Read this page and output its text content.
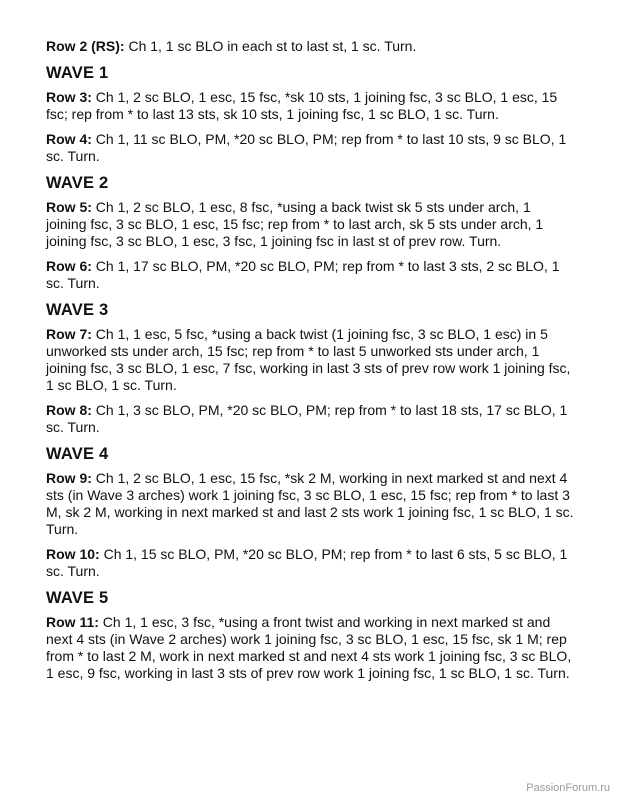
Row 2 (RS): Ch 1, 1 sc BLO in each st to last st, 1 sc. Turn.

WAVE 1

Row 3: Ch 1, 2 sc BLO, 1 esc, 15 fsc, *sk 10 sts, 1 joining fsc, 3 sc BLO, 1 esc, 15 fsc; rep from * to last 13 sts, sk 10 sts, 1 joining fsc, 1 sc BLO, 1 sc. Turn.

Row 4: Ch 1, 11 sc BLO, PM, *20 sc BLO, PM; rep from * to last 10 sts, 9 sc BLO, 1 sc. Turn.

WAVE 2

Row 5: Ch 1, 2 sc BLO, 1 esc, 8 fsc, *using a back twist sk 5 sts under arch, 1 joining fsc, 3 sc BLO, 1 esc, 15 fsc; rep from * to last arch, sk 5 sts under arch, 1 joining fsc, 3 sc BLO, 1 esc, 3 fsc, 1 joining fsc in last st of prev row. Turn.

Row 6: Ch 1, 17 sc BLO, PM, *20 sc BLO, PM; rep from * to last 3 sts, 2 sc BLO, 1 sc. Turn.

WAVE 3

Row 7: Ch 1, 1 esc, 5 fsc, *using a back twist (1 joining fsc, 3 sc BLO, 1 esc) in 5 unworked sts under arch, 15 fsc; rep from * to last 5 unworked sts under arch, 1 joining fsc, 3 sc BLO, 1 esc, 7 fsc, working in last 3 sts of prev row work 1 joining fsc, 1 sc BLO, 1 sc. Turn.

Row 8: Ch 1, 3 sc BLO, PM, *20 sc BLO, PM; rep from * to last 18 sts, 17 sc BLO, 1 sc. Turn.

WAVE 4

Row 9: Ch 1, 2 sc BLO, 1 esc, 15 fsc, *sk 2 M, working in next marked st and next 4 sts (in Wave 3 arches) work 1 joining fsc, 3 sc BLO, 1 esc, 15 fsc; rep from * to last 3 M, sk 2 M, working in next marked st and last 2 sts work 1 joining fsc, 1 sc BLO, 1 sc. Turn.

Row 10: Ch 1, 15 sc BLO, PM, *20 sc BLO, PM; rep from * to last 6 sts, 5 sc BLO, 1 sc. Turn.

WAVE 5

Row 11: Ch 1, 1 esc, 3 fsc, *using a front twist and working in next marked st and next 4 sts (in Wave 2 arches) work 1 joining fsc, 3 sc BLO, 1 esc, 15 fsc, sk 1 M; rep from * to last 2 M, work in next marked st and next 4 sts work 1 joining fsc, 3 sc BLO, 1 esc, 9 fsc, working in last 3 sts of prev row work 1 joining fsc, 1 sc BLO, 1 sc. Turn.

PassionForum.ru
